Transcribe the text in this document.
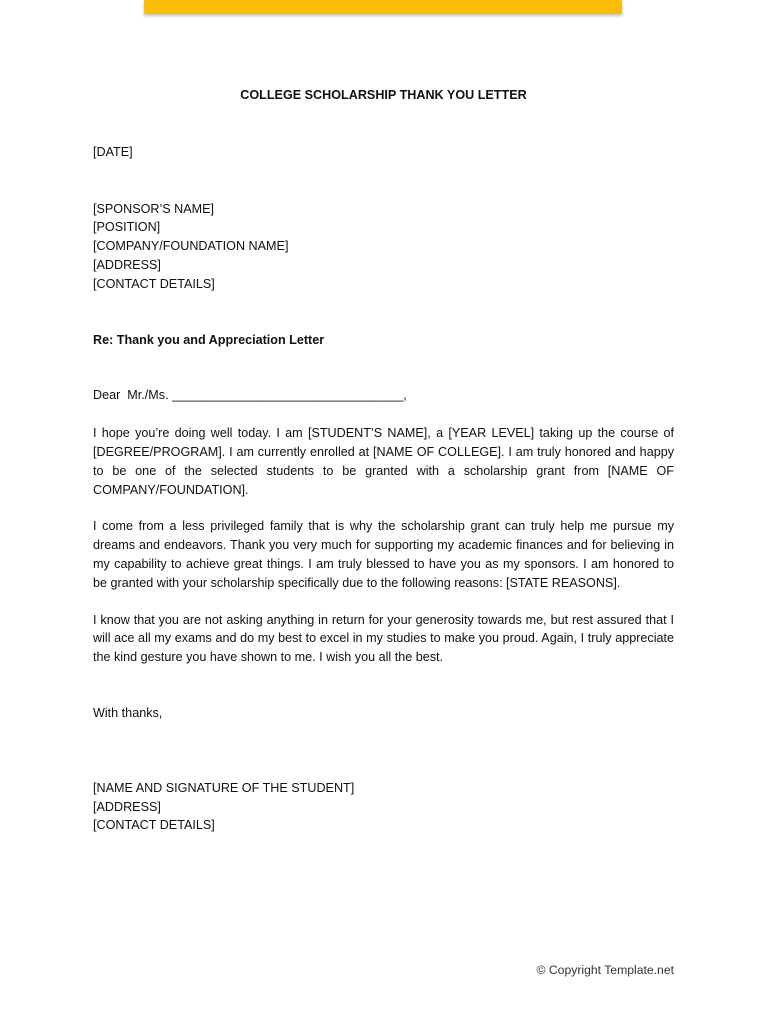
COLLEGE SCHOLARSHIP THANK YOU LETTER

[DATE]

[SPONSOR’S NAME]
[POSITION]
[COMPANY/FOUNDATION NAME]
[ADDRESS]
[CONTACT DETAILS]

Re: Thank you and Appreciation Letter

Dear  Mr./Ms. _________________________________,

I hope you’re doing well today. I am [STUDENT’S NAME], a [YEAR LEVEL] taking up the course of [DEGREE/PROGRAM]. I am currently enrolled at [NAME OF COLLEGE]. I am truly honored and happy to be one of the selected students to be granted with a scholarship grant from [NAME OF COMPANY/FOUNDATION].

I come from a less privileged family that is why the scholarship grant can truly help me pursue my dreams and endeavors. Thank you very much for supporting my academic finances and for believing in my capability to achieve great things. I am truly blessed to have you as my sponsors. I am honored to be granted with your scholarship specifically due to the following reasons: [STATE REASONS].

I know that you are not asking anything in return for your generosity towards me, but rest assured that I will ace all my exams and do my best to excel in my studies to make you proud. Again, I truly appreciate the kind gesture you have shown to me. I wish you all the best.

With thanks,

[NAME AND SIGNATURE OF THE STUDENT]
[ADDRESS]
[CONTACT DETAILS]
© Copyright Template.net
